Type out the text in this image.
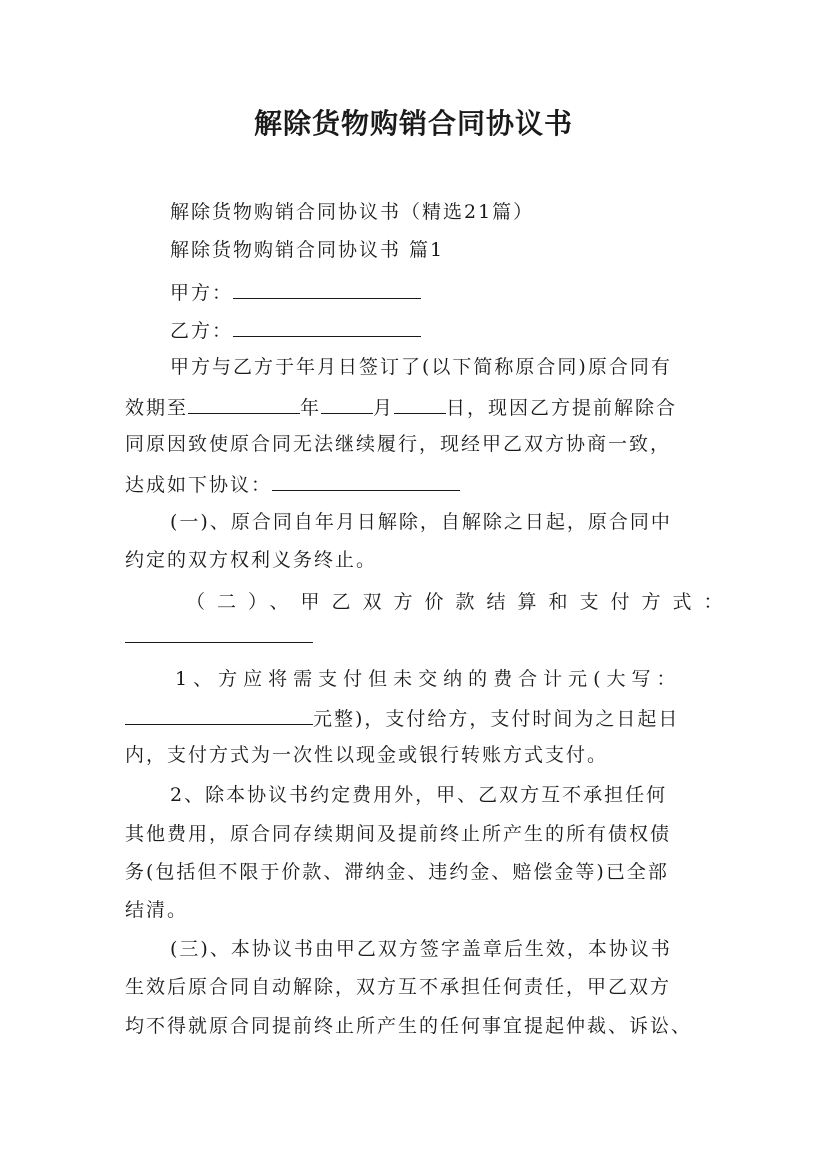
解除货物购销合同协议书
解除货物购销合同协议书（精选21篇）
解除货物购销合同协议书 篇1
甲方：
乙方：
甲方与乙方于年月日签订了(以下简称原合同)原合同有
效期至	年	月	日，现因乙方提前解除合
同原因致使原合同无法继续履行，现经甲乙双方协商一致，
达成如下协议：
(一)、原合同自年月日解除，自解除之日起，原合同中
约定的双方权利义务终止。
（二）、甲乙双方价款结算和支付方式：
1、方应将需支付但未交纳的费合计元(大写：
元整)，支付给方，支付时间为之日起日
内，支付方式为一次性以现金或银行转账方式支付。
2、除本协议书约定费用外，甲、乙双方互不承担任何
其他费用，原合同存续期间及提前终止所产生的所有债权债
务(包括但不限于价款、滞纳金、违约金、赔偿金等)已全部
结清。
(三)、本协议书由甲乙双方签字盖章后生效，本协议书
生效后原合同自动解除，双方互不承担任何责任，甲乙双方
均不得就原合同提前终止所产生的任何事宜提起仲裁、诉讼、
